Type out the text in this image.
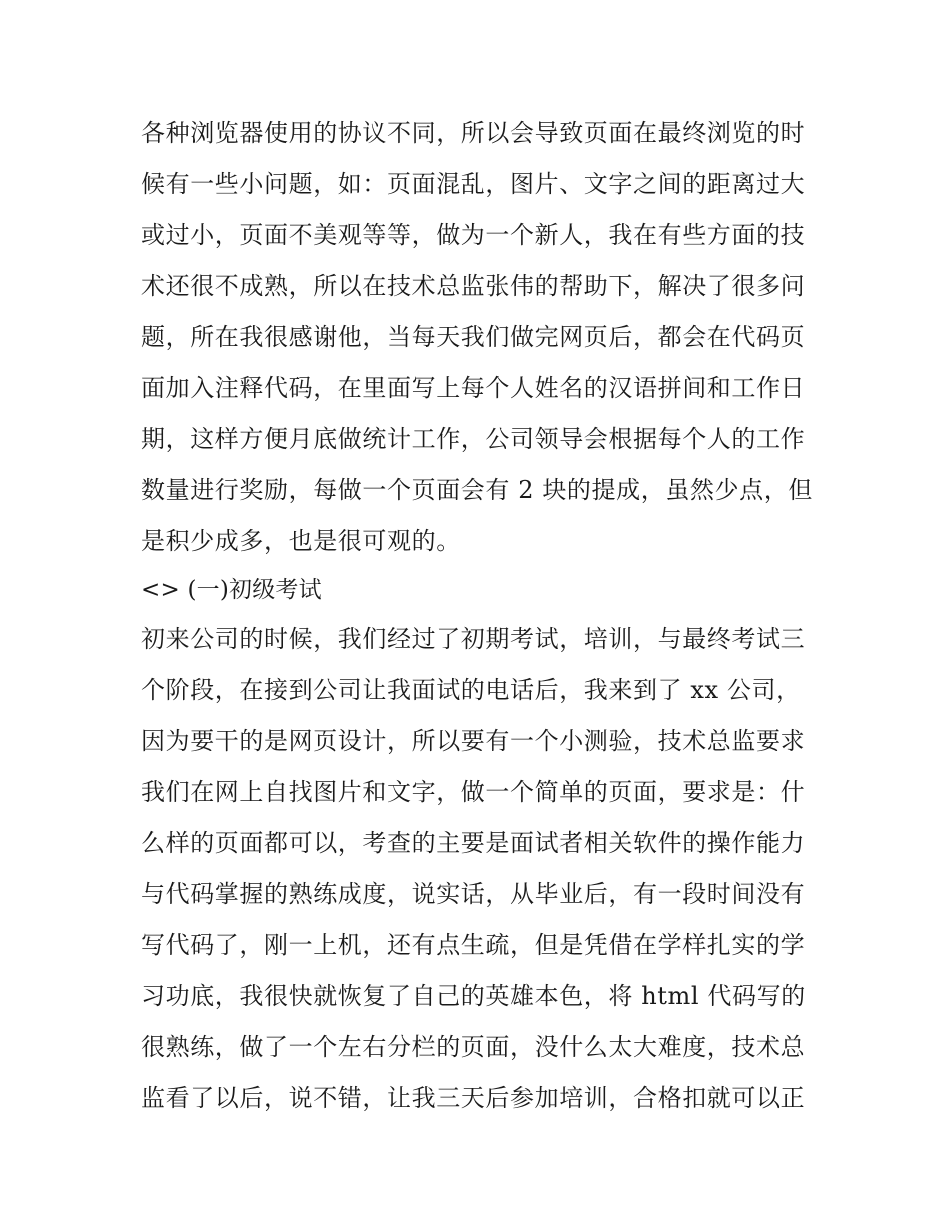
各种浏览器使用的协议不同，所以会导致页面在最终浏览的时
候有一些小问题，如：页面混乱，图片、文字之间的距离过大
或过小，页面不美观等等，做为一个新人，我在有些方面的技
术还很不成熟，所以在技术总监张伟的帮助下，解决了很多问
题，所在我很感谢他，当每天我们做完网页后，都会在代码页
面加入注释代码，在里面写上每个人姓名的汉语拼间和工作日
期，这样方便月底做统计工作，公司领导会根据每个人的工作
数量进行奖励，每做一个页面会有 2 块的提成，虽然少点，但
是积少成多，也是很可观的。
<> (一)初级考试
初来公司的时候，我们经过了初期考试，培训，与最终考试三
个阶段，在接到公司让我面试的电话后，我来到了 xx 公司，
因为要干的是网页设计，所以要有一个小测验，技术总监要求
我们在网上自找图片和文字，做一个简单的页面，要求是：什
么样的页面都可以，考查的主要是面试者相关软件的操作能力
与代码掌握的熟练成度，说实话，从毕业后，有一段时间没有
写代码了，刚一上机，还有点生疏，但是凭借在学样扎实的学
习功底，我很快就恢复了自己的英雄本色，将 html 代码写的
很熟练，做了一个左右分栏的页面，没什么太大难度，技术总
监看了以后，说不错，让我三天后参加培训，合格扣就可以正
